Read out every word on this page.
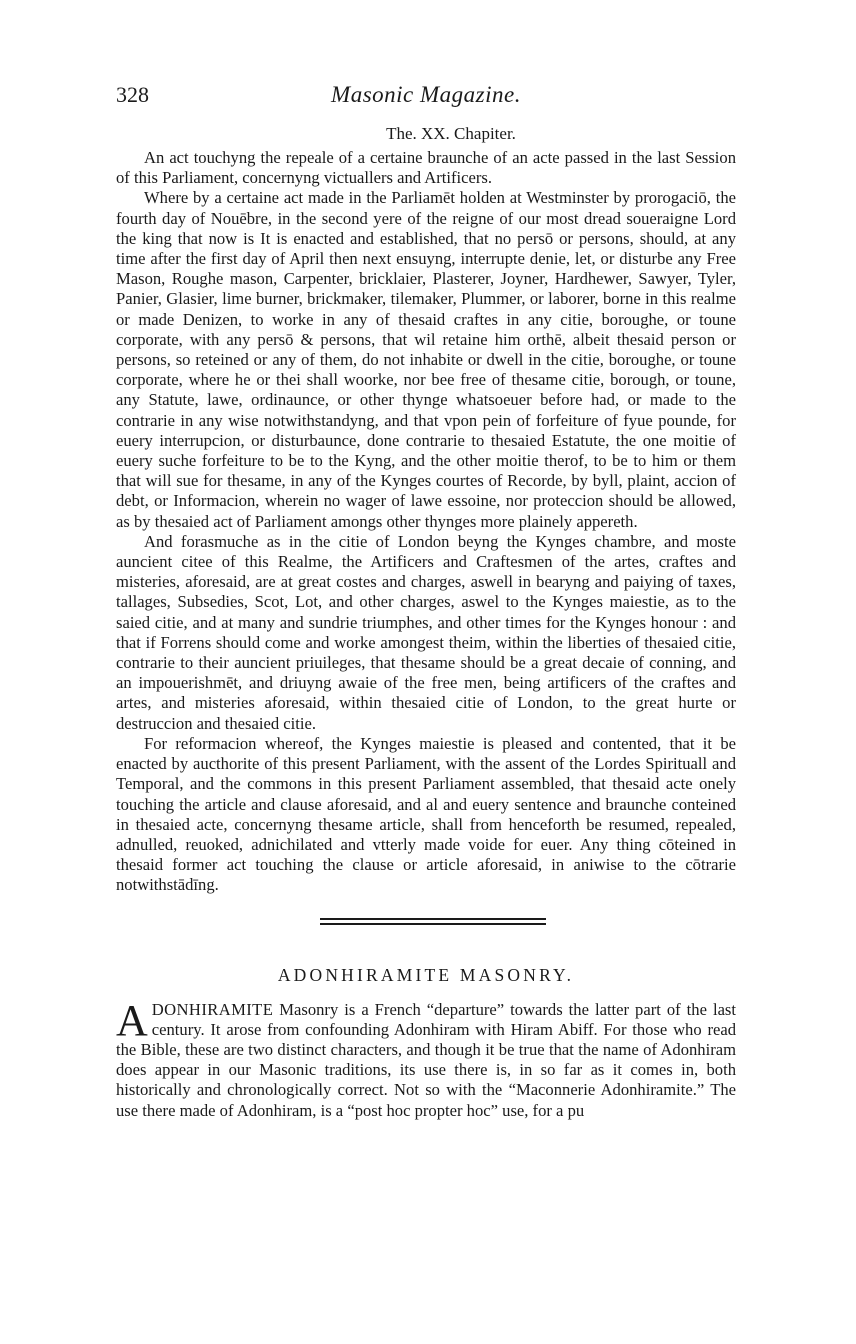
328	Masonic Magazine.
The. XX. Chapiter.

An act touchyng the repeale of a certaine braunche of an acte passed in the last Session of this Parliament, concernyng victuallers and Artificers.

Where by a certaine act made in the Parliamēt holden at Westminster by prorogaciō, the fourth day of Nouēbre, in the second yere of the reigne of our most dread soueraigne Lord the king that now is It is enacted and established, that no persō or persons, should, at any time after the first day of April then next ensuyng, interrupte denie, let, or disturbe any Free Mason, Roughe mason, Carpenter, bricklaier, Plasterer, Joyner, Hardhewer, Sawyer, Tyler, Panier, Glasier, lime burner, brickmaker, tilemaker, Plummer, or laborer, borne in this realme or made Denizen, to worke in any of thesaid craftes in any citie, boroughe, or toune corporate, with any persō & persons, that wil retaine him orthē, albeit thesaid person or persons, so reteined or any of them, do not inhabite or dwell in the citie, boroughe, or toune corporate, where he or thei shall woorke, nor bee free of thesame citie, borough, or toune, any Statute, lawe, ordinaunce, or other thynge whatsoeuer before had, or made to the contrarie in any wise notwithstandyng, and that vpon pein of forfeiture of fyue pounde, for euery interrupcion, or disturbaunce, done contrarie to thesaied Estatute, the one moitie of euery suche forfeiture to be to the Kyng, and the other moitie therof, to be to him or them that will sue for thesame, in any of the Kynges courtes of Recorde, by byll, plaint, accion of debt, or Informacion, wherein no wager of lawe essoine, nor proteccion should be allowed, as by thesaied act of Parliament amongs other thynges more plainely appereth.

And forasmuche as in the citie of London beyng the Kynges chambre, and moste auncient citee of this Realme, the Artificers and Craftesmen of the artes, craftes and misteries, aforesaid, are at great costes and charges, aswell in bearyng and paiying of taxes, tallages, Subsedies, Scot, Lot, and other charges, aswel to the Kynges maiestie, as to the saied citie, and at many and sundrie triumphes, and other times for the Kynges honour : and that if Forrens should come and worke amongest theim, within the liberties of thesaied citie, contrarie to their auncient priuileges, that thesame should be a great decaie of conning, and an impouerishmēt, and driuyng awaie of the free men, being artificers of the craftes and artes, and misteries aforesaid, within thesaied citie of London, to the great hurte or destruccion and thesaied citie.

For reformacion whereof, the Kynges maiestie is pleased and contented, that it be enacted by aucthorite of this present Parliament, with the assent of the Lordes Spirituall and Temporal, and the commons in this present Parliament assembled, that thesaid acte onely touching the article and clause aforesaid, and al and euery sentence and braunche conteined in thesaied acte, concernyng thesame article, shall from henceforth be resumed, repealed, adnulled, reuoked, adnichilated and vtterly made voide for euer. Any thing cōteined in thesaid former act touching the clause or article aforesaid, in aniwise to the cōtrarie notwithstādīng.

ADONHIRAMITE MASONRY.

ADONHIRAMITE Masonry is a French “departure” towards the latter part of the last century. It arose from confounding Adonhiram with Hiram Abiff. For those who read the Bible, these are two distinct characters, and though it be true that the name of Adonhiram does appear in our Masonic traditions, its use there is, in so far as it comes in, both historically and chronologically correct. Not so with the “Maconnerie Adonhiramite.” The use there made of Adonhiram, is a “post hoc propter hoc” use, for a pu
